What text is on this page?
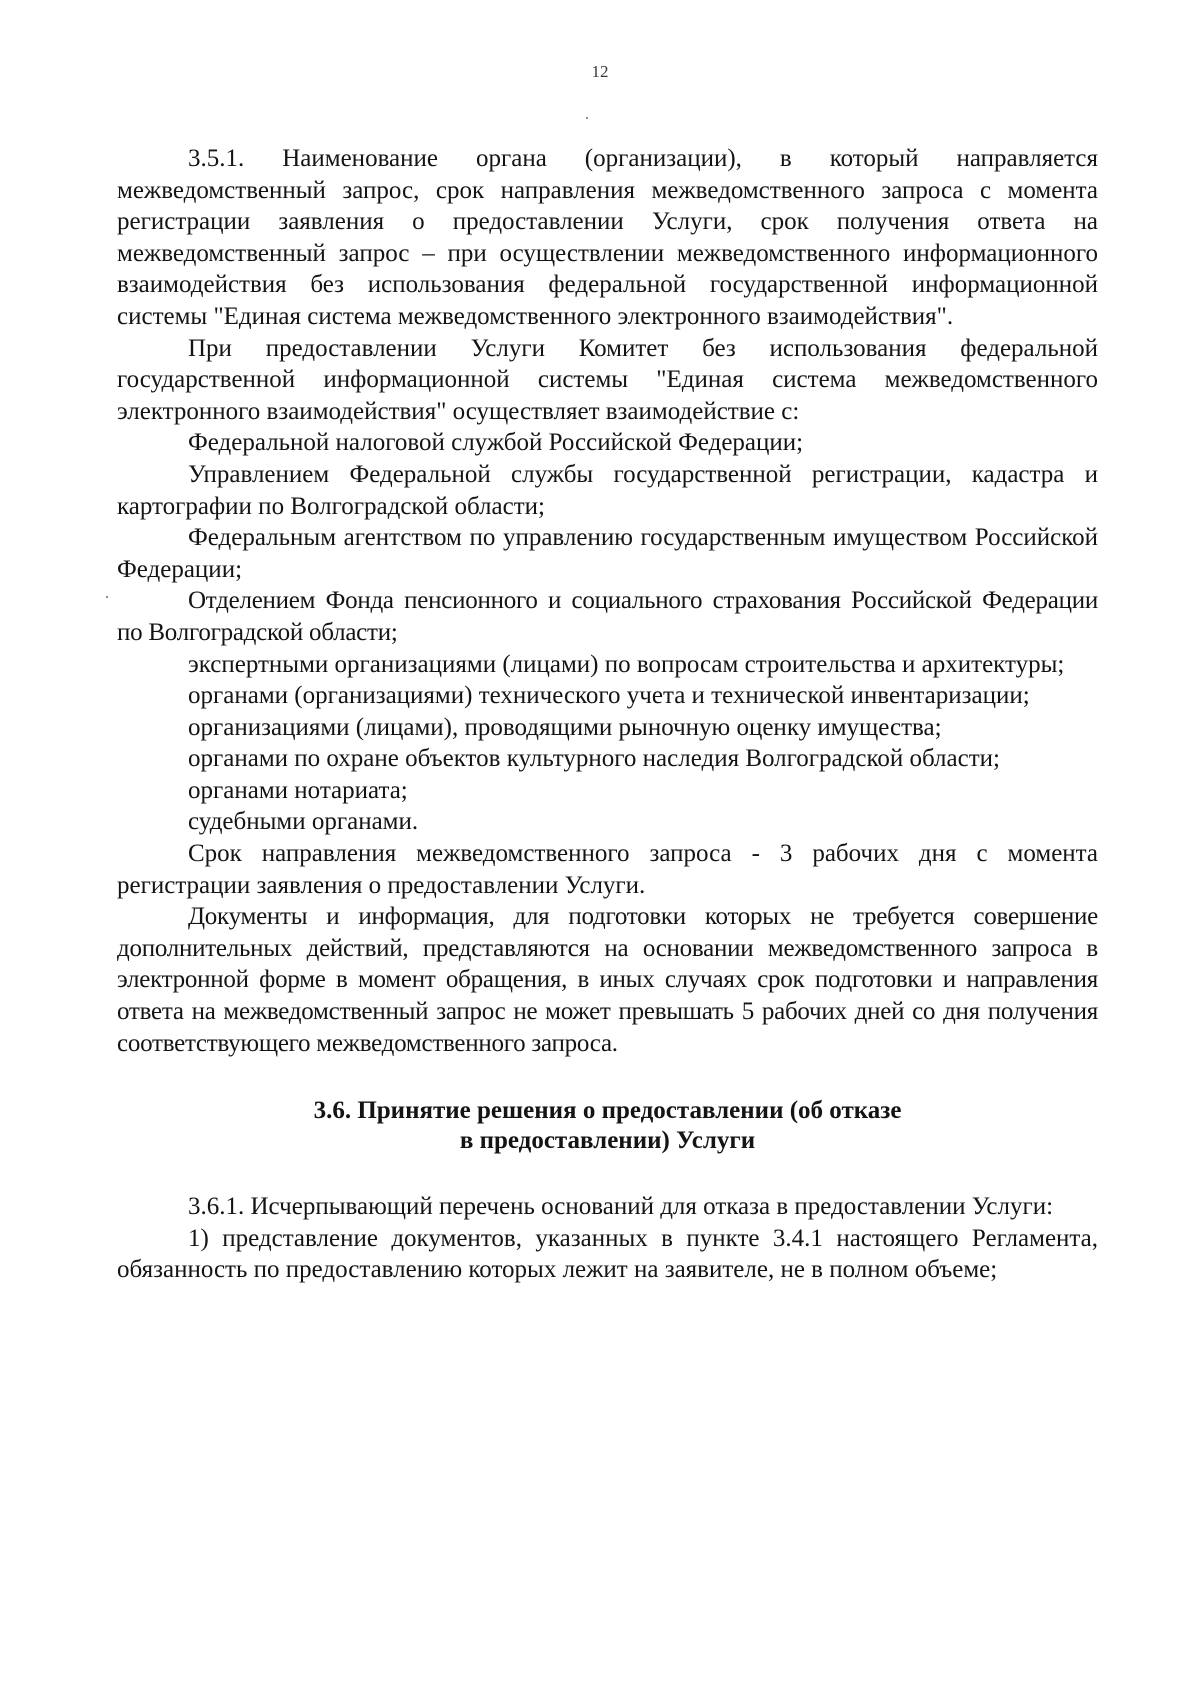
12

3.5.1. Наименование органа (организации), в который направляется межведомственный запрос, срок направления межведомственного запроса с момента регистрации заявления о предоставлении Услуги, срок получения ответа на межведомственный запрос – при осуществлении межведомственного информационного взаимодействия без использования федеральной государственной информационной системы "Единая система межведомственного электронного взаимодействия".

При предоставлении Услуги Комитет без использования федеральной государственной информационной системы "Единая система межведомственного электронного взаимодействия" осуществляет взаимодействие с:

Федеральной налоговой службой Российской Федерации;

Управлением Федеральной службы государственной регистрации, кадастра и картографии по Волгоградской области;

Федеральным агентством по управлению государственным имуществом Российской Федерации;

Отделением Фонда пенсионного и социального страхования Российской Федерации по Волгоградской области;

экспертными организациями (лицами) по вопросам строительства и архитектуры;

органами (организациями) технического учета и технической инвентаризации;

организациями (лицами), проводящими рыночную оценку имущества;

органами по охране объектов культурного наследия Волгоградской области;

органами нотариата;

судебными органами.

Срок направления межведомственного запроса - 3 рабочих дня с момента регистрации заявления о предоставлении Услуги.

Документы и информация, для подготовки которых не требуется совершение дополнительных действий, представляются на основании межведомственного запроса в электронной форме в момент обращения, в иных случаях срок подготовки и направления ответа на межведомственный запрос не может превышать 5 рабочих дней со дня получения соответствующего межведомственного запроса.

3.6. Принятие решения о предоставлении (об отказе
в предоставлении) Услуги

3.6.1. Исчерпывающий перечень оснований для отказа в предоставлении Услуги:

1) представление документов, указанных в пункте 3.4.1 настоящего Регламента, обязанность по предоставлению которых лежит на заявителе, не в полном объеме;
